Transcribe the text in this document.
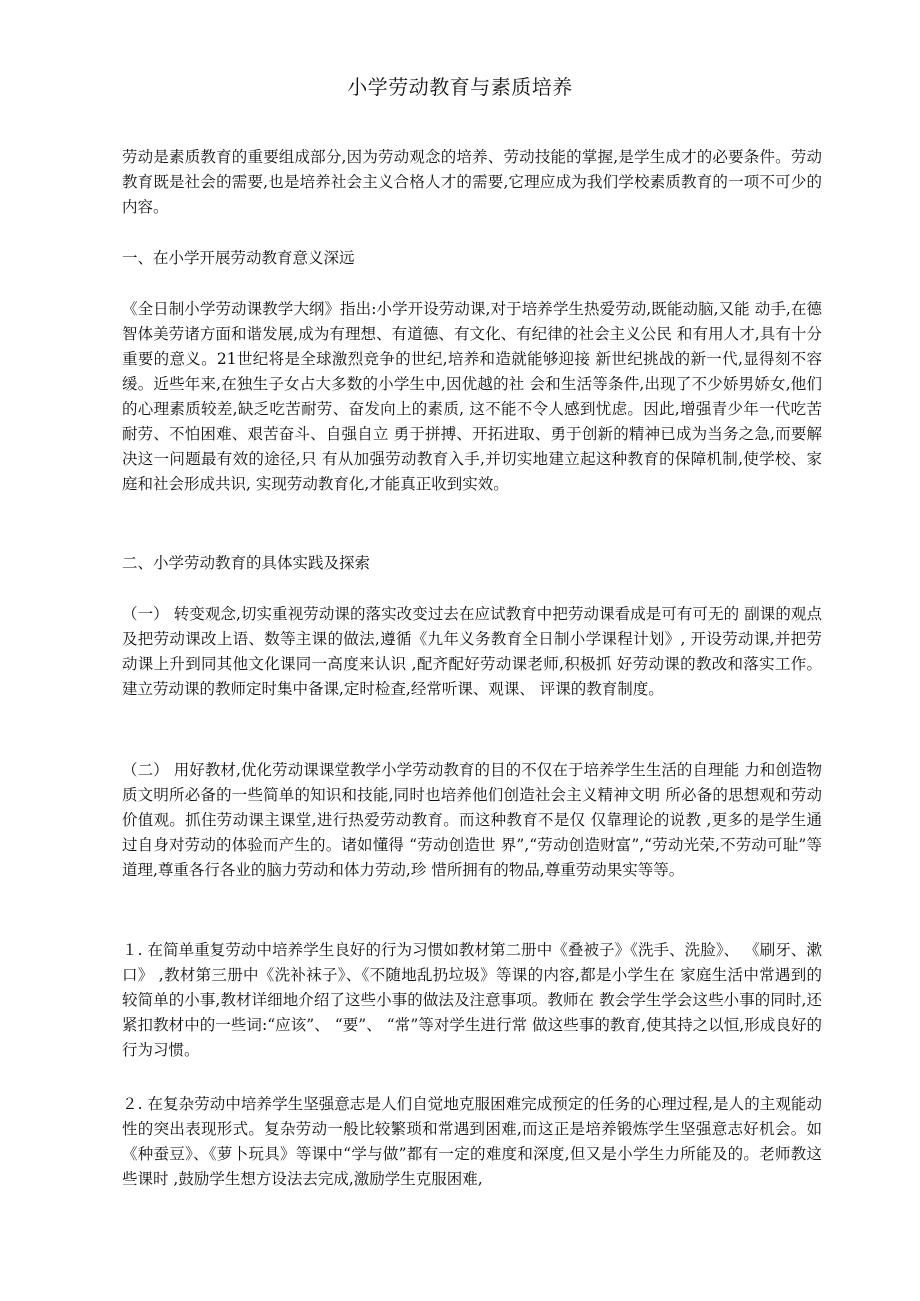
小学劳动教育与素质培养
劳动是素质教育的重要组成部分,因为劳动观念的培养、劳动技能的掌握,是学生成才的必要条件。劳动教育既是社会的需要,也是培养社会主义合格人才的需要,它理应成为我们学校素质教育的一项不可少的内容。
一、在小学开展劳动教育意义深远
《全日制小学劳动课教学大纲》指出:小学开设劳动课,对于培养学生热爱劳动,既能动脑,又能 动手,在德智体美劳诸方面和谐发展,成为有理想、有道德、有文化、有纪律的社会主义公民 和有用人才,具有十分重要的意义。21世纪将是全球激烈竞争的世纪,培养和造就能够迎接 新世纪挑战的新一代,显得刻不容缓。近些年来,在独生子女占大多数的小学生中,因优越的社 会和生活等条件,出现了不少娇男娇女,他们的心理素质较差,缺乏吃苦耐劳、奋发向上的素质, 这不能不令人感到忧虑。因此,增强青少年一代吃苦耐劳、不怕困难、艰苦奋斗、自强自立 勇于拼搏、开拓进取、勇于创新的精神已成为当务之急,而要解决这一问题最有效的途径,只 有从加强劳动教育入手,并切实地建立起这种教育的保障机制,使学校、家庭和社会形成共识, 实现劳动教育化,才能真正收到实效。
二、小学劳动教育的具体实践及探索
（一） 转变观念,切实重视劳动课的落实改变过去在应试教育中把劳动课看成是可有可无的 副课的观点及把劳动课改上语、数等主课的做法,遵循《九年义务教育全日制小学课程计划》, 开设劳动课,并把劳动课上升到同其他文化课同一高度来认识 ,配齐配好劳动课老师,积极抓 好劳动课的教改和落实工作。建立劳动课的教师定时集中备课,定时检查,经常听课、观课、 评课的教育制度。
（二） 用好教材,优化劳动课课堂教学小学劳动教育的目的不仅在于培养学生生活的自理能 力和创造物质文明所必备的一些简单的知识和技能,同时也培养他们创造社会主义精神文明 所必备的思想观和劳动价值观。抓住劳动课主课堂,进行热爱劳动教育。而这种教育不是仅 仅靠理论的说教 ,更多的是学生通过自身对劳动的体验而产生的。诸如懂得 “劳动创造世 界”,“劳动创造财富”,“劳动光荣,不劳动可耻”等道理,尊重各行各业的脑力劳动和体力劳动,珍 惜所拥有的物品,尊重劳动果实等等。
１. 在简单重复劳动中培养学生良好的行为习惯如教材第二册中《叠被子》《洗手、洗脸》、 《刷牙、漱口》 ,教材第三册中《洗补袜子》、《不随地乱扔垃圾》等课的内容,都是小学生在 家庭生活中常遇到的较简单的小事,教材详细地介绍了这些小事的做法及注意事项。教师在 教会学生学会这些小事的同时,还紧扣教材中的一些词:“应该”、 “要”、 “常”等对学生进行常 做这些事的教育,使其持之以恒,形成良好的行为习惯。
２. 在复杂劳动中培养学生坚强意志是人们自觉地克服困难完成预定的任务的心理过程,是人的主观能动性的突出表现形式。复杂劳动一般比较繁琐和常遇到困难,而这正是培养锻炼学生坚强意志好机会。如《种蚕豆》、《萝卜玩具》等课中“学与做”都有一定的难度和深度,但又是小学生力所能及的。老师教这些课时 ,鼓励学生想方设法去完成,激励学生克服困难,
